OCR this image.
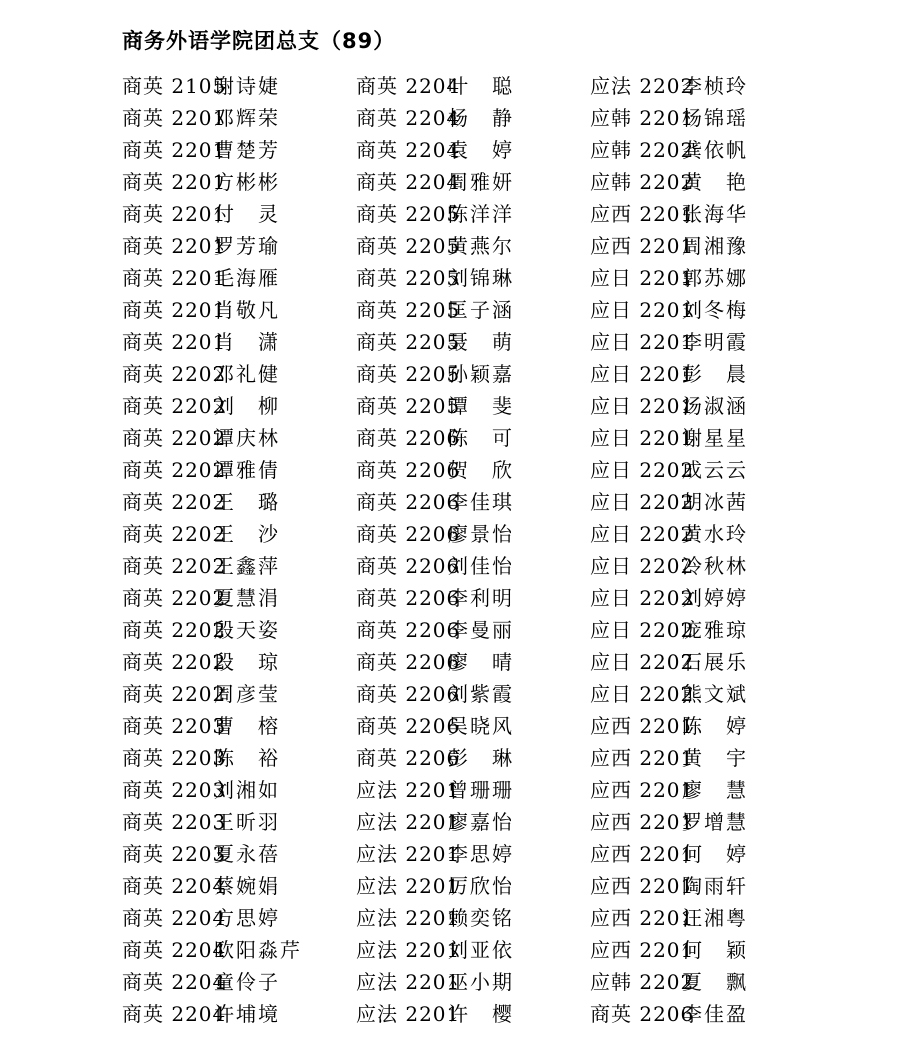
商务外语学院团总支（89）
商英 2105
谢诗婕
商英 2201
邓辉荣
商英 2201
曹楚芳
商英 2201
方彬彬
商英 2201
付　灵
商英 2201
罗芳瑜
商英 2201
毛海雁
商英 2201
肖敬凡
商英 2201
肖　潇
商英 2202
邓礼健
商英 2202
刘　柳
商英 2202
谭庆林
商英 2202
谭雅倩
商英 2202
王　璐
商英 2202
王　沙
商英 2202
王鑫萍
商英 2202
夏慧涓
商英 2202
殷天姿
商英 2202
段　琼
商英 2202
周彦莹
商英 2203
曹　榕
商英 2203
陈　裕
商英 2203
刘湘如
商英 2203
王昕羽
商英 2203
夏永蓓
商英 2204
蔡婉娟
商英 2204
方思婷
商英 2204
欧阳淼芹
商英 2204
童伶子
商英 2204
许埔境
商英 2204
叶　聪
商英 2204
杨　静
商英 2204
袁　婷
商英 2204
周雅妍
商英 2205
陈洋洋
商英 2205
黄燕尔
商英 2205
刘锦琳
商英 2205
匡子涵
商英 2205
聂　萌
商英 2205
孙颖嘉
商英 2205
谭　斐
商英 2206
陈　可
商英 2206
贺　欣
商英 2206
李佳琪
商英 2206
廖景怡
商英 2206
刘佳怡
商英 2206
李利明
商英 2206
李曼丽
商英 2206
廖　晴
商英 2206
刘紫霞
商英 2206
吴晓风
商英 2206
彭　琳
应法 2201
曾珊珊
应法 2201
廖嘉怡
应法 2201
李思婷
应法 2201
厉欣怡
应法 2201
赖奕铭
应法 2201
刘亚依
应法 2201
巫小期
应法 2201
许　樱
应法 2202
李桢玲
应韩 2201
杨锦瑶
应韩 2202
龚依帆
应韩 2202
黄　艳
应西 2201
张海华
应西 2201
周湘豫
应日 2201
郭苏娜
应日 2201
刘冬梅
应日 2201
李明霞
应日 2201
彭　晨
应日 2201
汤淑涵
应日 2201
谢星星
应日 2202
成云云
应日 2202
胡冰茜
应日 2202
黄水玲
应日 2202
冷秋林
应日 2202
刘婷婷
应日 2202
庞雅琼
应日 2202
石展乐
应日 2202
熊文斌
应西 2201
陈　婷
应西 2201
黄　宇
应西 2201
廖　慧
应西 2201
罗增慧
应西 2201
何　婷
应西 2201
陶雨轩
应西 2201
汪湘粤
应西 2201
何　颖
应韩 2202
夏　飘
商英 2206
李佳盈
